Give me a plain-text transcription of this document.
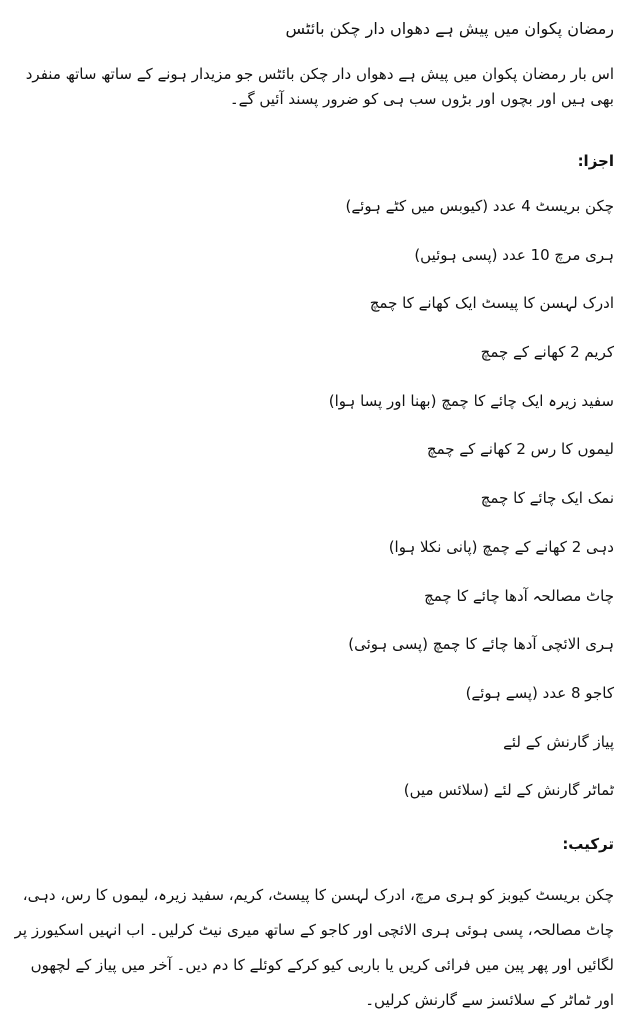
رمضان پکوان میں پیش ہے دھواں دار چکن بائٹس

اس بار رمضان پکوان میں پیش ہے دھواں دار چکن بائٹس جو مزیدار ہونے کے ساتھ ساتھ منفرد بھی ہیں اور بچوں اور بڑوں سب ہی کو ضرور پسند آئیں گے۔

اجزا:
چکن بریسٹ 4 عدد (کیوبس میں کٹے ہوئے)
ہری مرچ 10 عدد (پسی ہوئیں)
ادرک لہسن کا پیسٹ ایک کھانے کا چمچ
کریم 2 کھانے کے چمچ
سفید زیرہ ایک چائے کا چمچ (بھنا اور پسا ہوا)
لیموں کا رس 2 کھانے کے چمچ
نمک ایک چائے کا چمچ
دہی 2 کھانے کے چمچ (پانی نکلا ہوا)
چاٹ مصالحہ آدھا چائے کا چمچ
ہری الائچی آدھا چائے کا چمچ (پسی ہوئی)
کاجو 8 عدد (پسے ہوئے)
پیاز گارنش کے لئے
ٹماٹر گارنش کے لئے (سلائس میں)
ترکیب:

چکن بریسٹ کیوبز کو ہری مرچ، ادرک لہسن کا پیسٹ، کریم، سفید زیرہ، لیموں کا رس، دہی، چاٹ مصالحہ، پسی ہوئی ہری الائچی اور کاجو کے ساتھ میری نیٹ کرلیں۔ اب انہیں اسکیورز پر لگائیں اور پھر پین میں فرائی کریں یا باربی کیو کرکے کوئلے کا دم دیں۔ آخر میں پیاز کے لچھوں اور ٹماٹر کے سلائسز سے گارنش کرلیں۔
